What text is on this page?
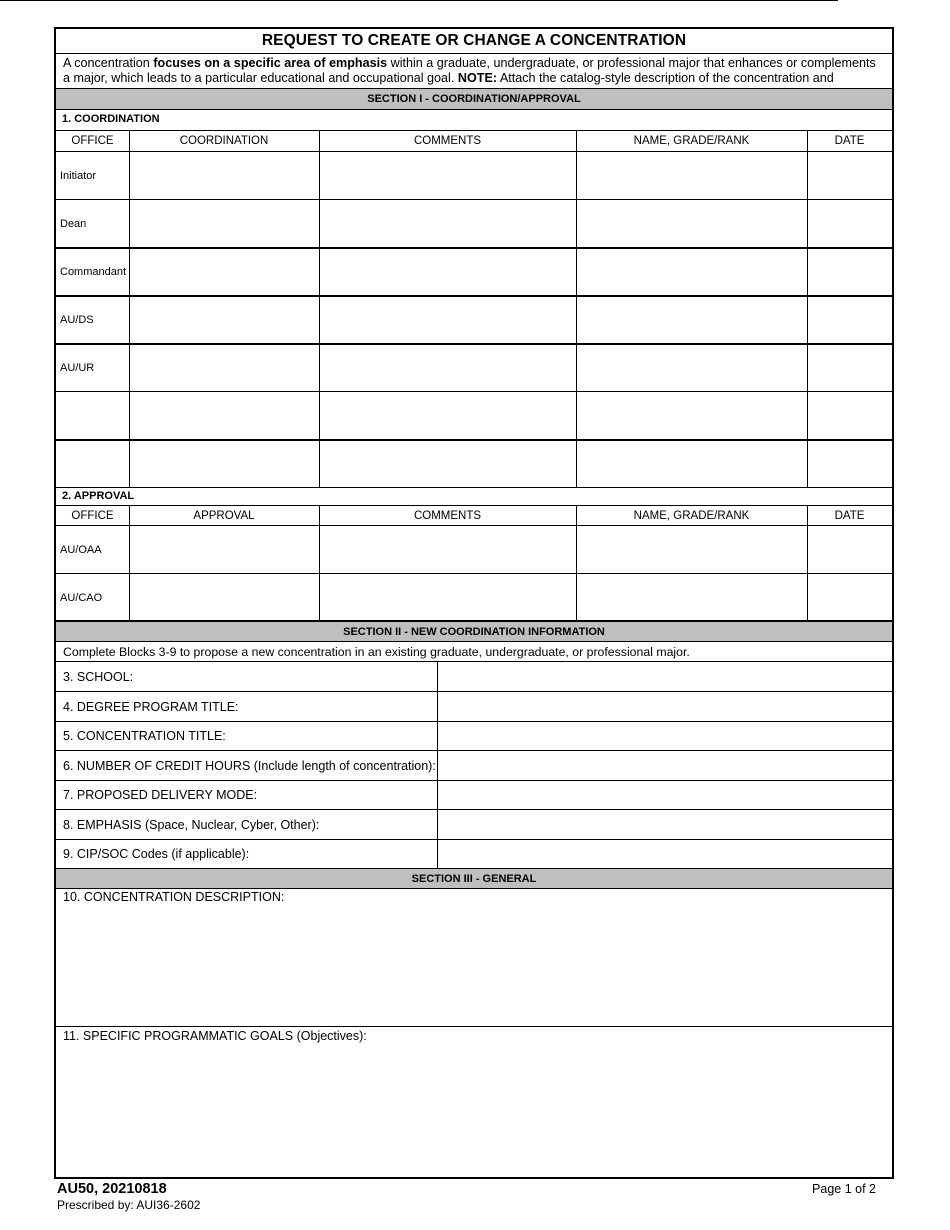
REQUEST TO CREATE OR CHANGE A CONCENTRATION
A concentration focuses on a specific area of emphasis within a graduate, undergraduate, or professional major that enhances or complements a major, which leads to a particular educational and occupational goal. NOTE: Attach the catalog-style description of the concentration and
SECTION I - COORDINATION/APPROVAL
1. COORDINATION
OFFICE	COORDINATION	COMMENTS	NAME, GRADE/RANK	DATE
Initiator
Dean
Commandant
AU/DS
AU/UR
2. APPROVAL
OFFICE	APPROVAL	COMMENTS	NAME, GRADE/RANK	DATE
AU/OAA
AU/CAO
SECTION II - NEW COORDINATION INFORMATION
Complete Blocks 3-9 to propose a new concentration in an existing graduate, undergraduate, or professional major.
3. SCHOOL:
4. DEGREE PROGRAM TITLE:
5. CONCENTRATION TITLE:
6. NUMBER OF CREDIT HOURS (Include length of concentration):
7. PROPOSED DELIVERY MODE:
8. EMPHASIS (Space, Nuclear, Cyber, Other):
9. CIP/SOC Codes (if applicable):
SECTION III - GENERAL
10. CONCENTRATION DESCRIPTION:
11. SPECIFIC PROGRAMMATIC GOALS (Objectives):
AU50, 20210818
Prescribed by: AUI36-2602
Page 1 of 2
